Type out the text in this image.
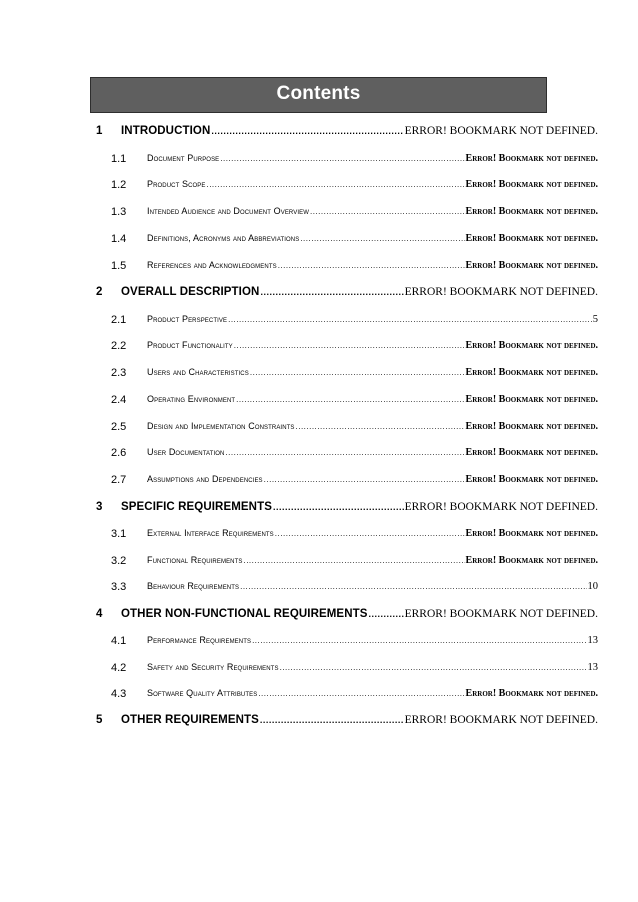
Contents
1 INTRODUCTION .....	ERROR! BOOKMARK NOT DEFINED.
1.1 Document Purpose .....	Error! Bookmark not defined.
1.2 Product Scope .....	Error! Bookmark not defined.
1.3 Intended Audience and Document Overview .....	Error! Bookmark not defined.
1.4 Definitions, Acronyms and Abbreviations .....	Error! Bookmark not defined.
1.5 References and Acknowledgments .....	Error! Bookmark not defined.
2 OVERALL DESCRIPTION .....	ERROR! BOOKMARK NOT DEFINED.
2.1 Product Perspective .....	5
2.2 Product Functionality .....	Error! Bookmark not defined.
2.3 Users and Characteristics .....	Error! Bookmark not defined.
2.4 Operating Environment .....	Error! Bookmark not defined.
2.5 Design and Implementation Constraints .....	Error! Bookmark not defined.
2.6 User Documentation .....	Error! Bookmark not defined.
2.7 Assumptions and Dependencies .....	Error! Bookmark not defined.
3 SPECIFIC REQUIREMENTS .....	ERROR! BOOKMARK NOT DEFINED.
3.1 External Interface Requirements .....	Error! Bookmark not defined.
3.2 Functional Requirements .....	Error! Bookmark not defined.
3.3 Behaviour Requirements .....	10
4 OTHER NON-FUNCTIONAL REQUIREMENTS .....	ERROR! BOOKMARK NOT DEFINED.
4.1 Performance Requirements .....	13
4.2 Safety and Security Requirements .....	13
4.3 Software Quality Attributes .....	Error! Bookmark not defined.
5 OTHER REQUIREMENTS .....	ERROR! BOOKMARK NOT DEFINED.
